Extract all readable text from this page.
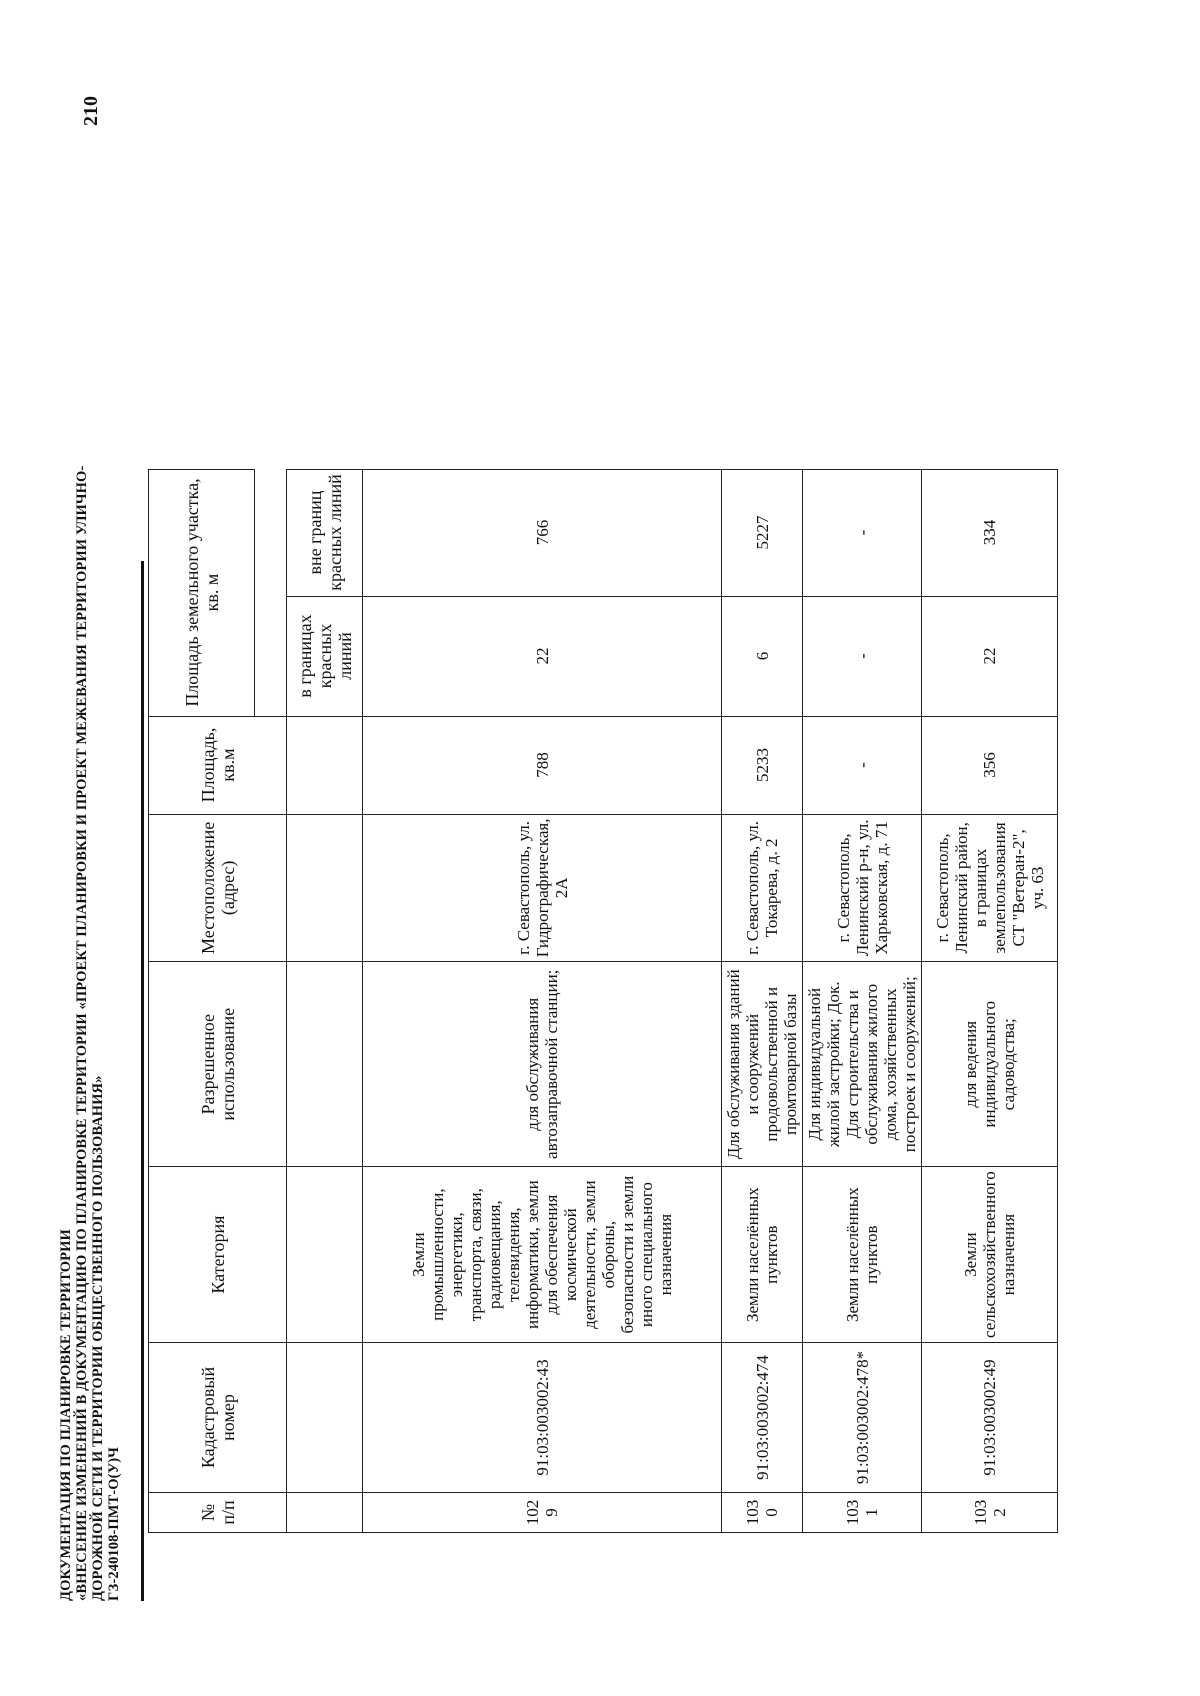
ДОКУМЕНТАЦИЯ ПО ПЛАНИРОВКЕ ТЕРРИТОРИИ «ВНЕСЕНИЕ ИЗМЕНЕНИЙ В ДОКУМЕНТАЦИЮ ПО ПЛАНИРОВКЕ ТЕРРИТОРИИ «ПРОЕКТ ПЛАНИРОВКИ И ПРОЕКТ МЕЖЕВАНИЯ ТЕРРИТОРИИ УЛИЧНО- ДОРОЖНОЙ СЕТИ И ТЕРРИТОРИИ ОБЩЕСТВЕННОГО ПОЛЬЗОВАНИЯ» ГЗ-240108-ПМТ-О(У)Ч
210
№ п/п	Кадастровый номер	Категория	Разрешенное использование	Местоположение (адрес)	Площадь, кв.м	Площадь земельного участка, кв. м	

						в границах красных линий	вне границ красных линий
1029	91:03:003002:43	Земли промышленности, энергетики, транспорта, связи, радиовещания, телевидения, информатики, земли для обеспечения космической деятельности, земли обороны, безопасности и земли иного специального назначения	для обслуживания автозаправочной станции;	г. Севастополь, ул. Гидрографическая, 2А	788	22	766
1030	91:03:003002:474	Земли населённых пунктов	Для обслуживания зданий и сооружений продовольственной и промтоварной базы	г. Севастополь, ул. Токарева, д. 2	5233	6	5227
1031	91:03:003002:478*	Земли населённых пунктов	Для индивидуальной жилой застройки; Док. Для строительства и обслуживания жилого дома, хозяйственных построек и сооружений;	г. Севастополь, Ленинский р-н, ул. Харьковская, д. 71	-	-	-
1032	91:03:003002:49	Земли сельскохозяйственного назначения	для ведения индивидуального садоводства;	г. Севастополь, Ленинский район, в границах землепользования СТ "Ветеран-2", уч. 63	356	22	334
